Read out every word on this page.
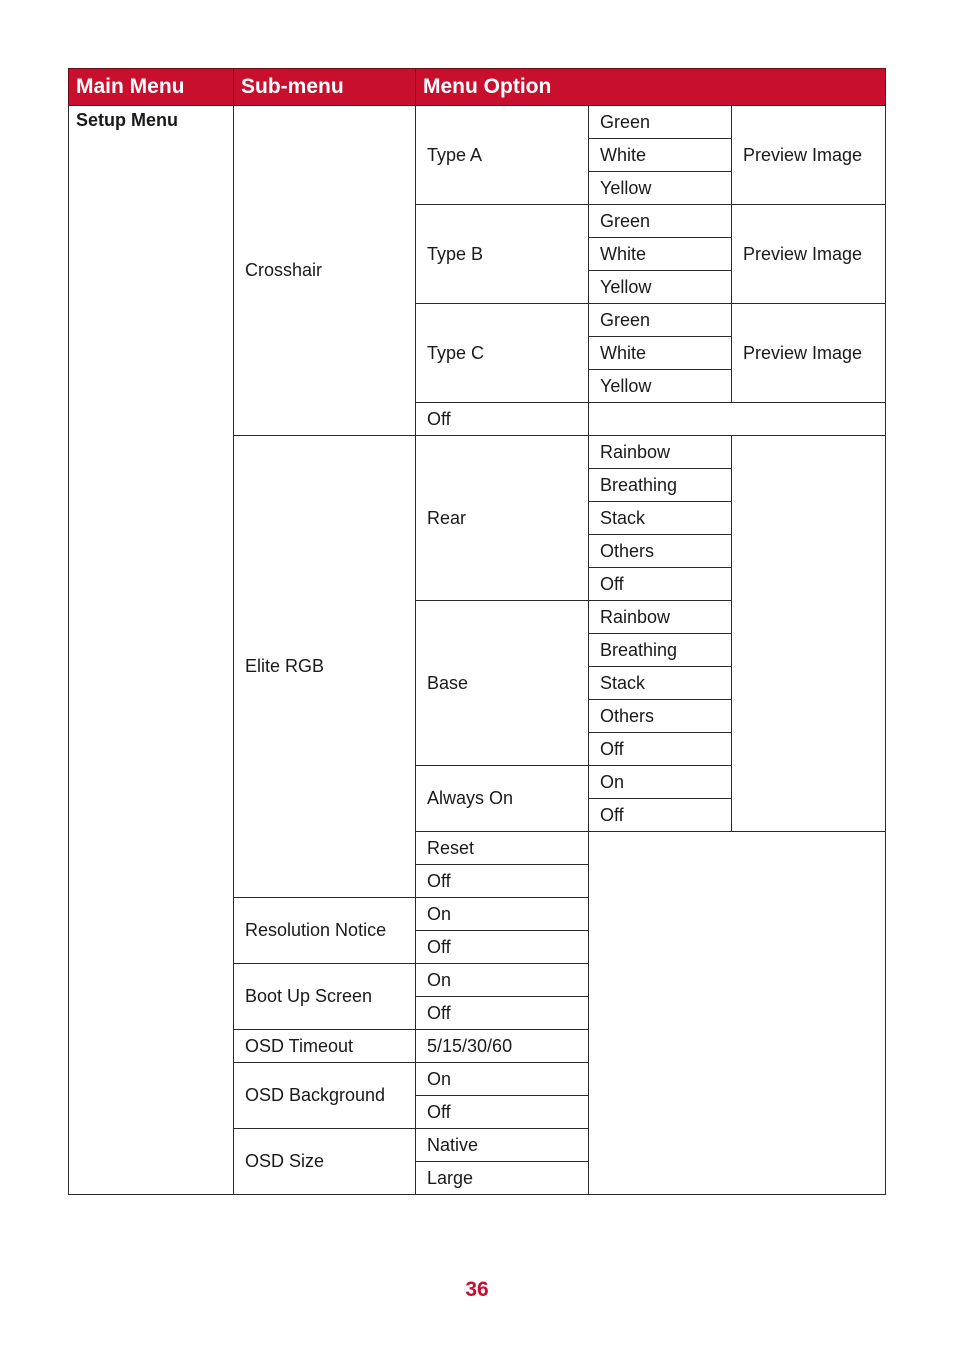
Main Menu	Sub-menu	Menu Option		
Setup Menu	Crosshair	Type A	Green	Preview Image
			White	
			Yellow	
		Type B	Green	Preview Image
			White	
			Yellow	
		Type C	Green	Preview Image
			White	
			Yellow	
		Off		
	Elite RGB	Rear	Rainbow	
			Breathing	
			Stack	
			Others	
			Off	
		Base	Rainbow	
			Breathing	
			Stack	
			Others	
			Off	
		Always On	On	
			Off	
		Reset		
		Off		
	Resolution Notice	On		
		Off		
	Boot Up Screen	On		
		Off		
	OSD Timeout	5/15/30/60		
	OSD Background	On		
		Off		
	OSD Size	Native		
		Large		
36
